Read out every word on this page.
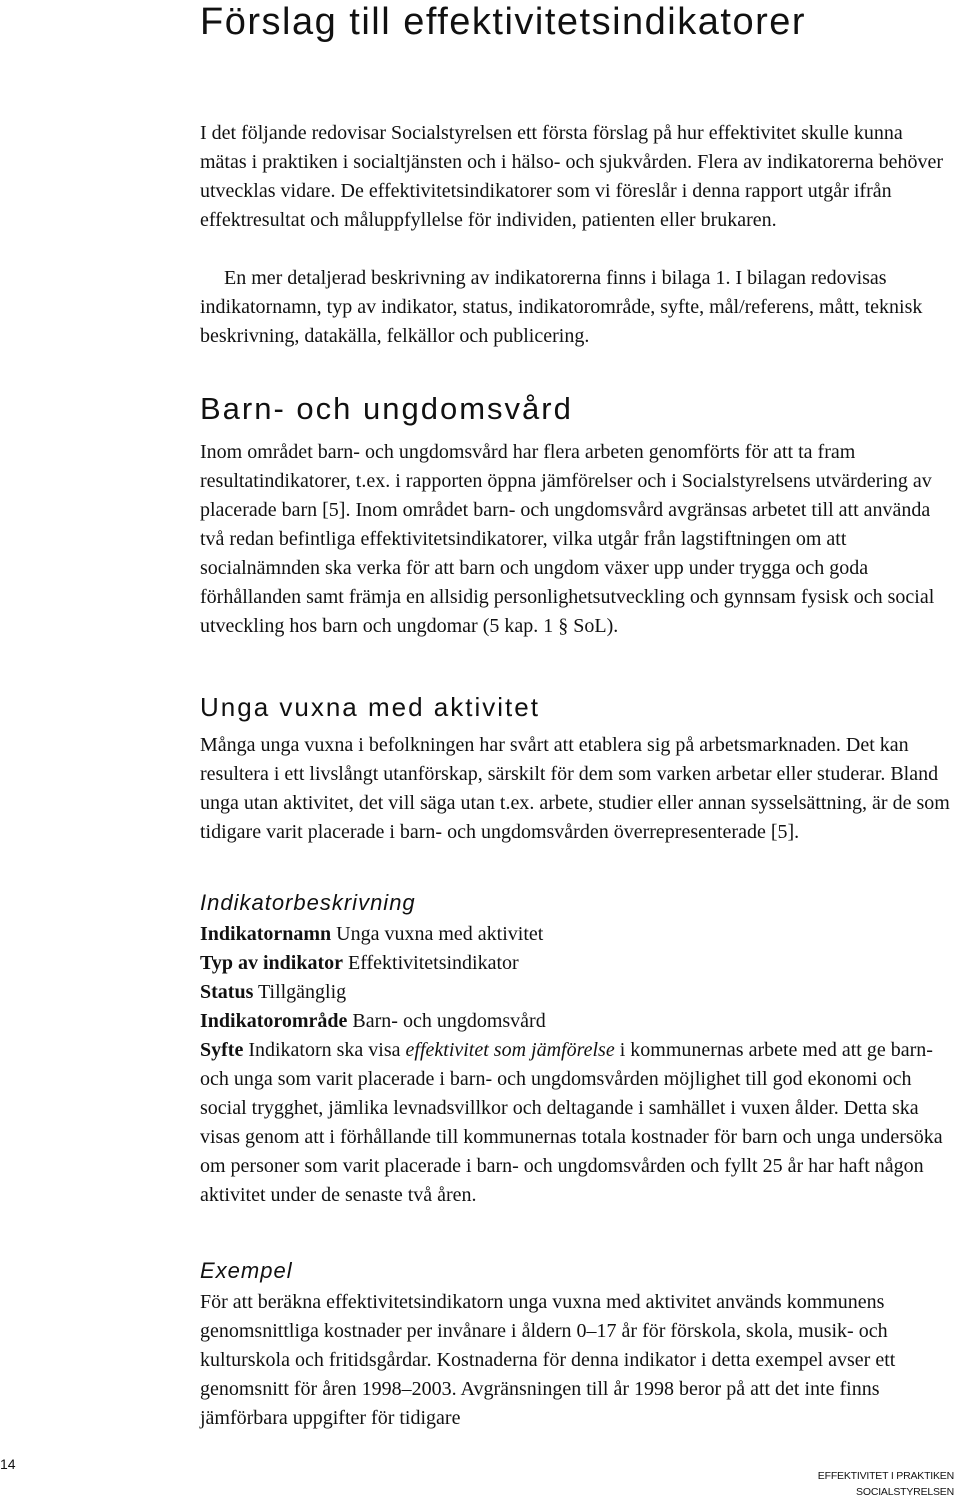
Förslag till effektivitetsindikatorer

I det följande redovisar Socialstyrelsen ett första förslag på hur effektivitet skulle kunna mätas i praktiken i socialtjänsten och i hälso- och sjukvården. Flera av indikatorerna behöver utvecklas vidare. De effektivitetsindikatorer som vi föreslår i denna rapport utgår ifrån effektresultat och måluppfyllelse för individen, patienten eller brukaren.

En mer detaljerad beskrivning av indikatorerna finns i bilaga 1. I bilagan redovisas indikatornamn, typ av indikator, status, indikatorområde, syfte, mål/referens, mått, teknisk beskrivning, datakälla, felkällor och publicering.

Barn- och ungdomsvård

Inom området barn- och ungdomsvård har flera arbeten genomförts för att ta fram resultatindikatorer, t.ex. i rapporten öppna jämförelser och i Socialstyrelsens utvärdering av placerade barn [5]. Inom området barn- och ungdomsvård avgränsas arbetet till att använda två redan befintliga effektivitetsindikatorer, vilka utgår från lagstiftningen om att socialnämnden ska verka för att barn och ungdom växer upp under trygga och goda förhållanden samt främja en allsidig personlighetsutveckling och gynnsam fysisk och social utveckling hos barn och ungdomar (5 kap. 1 § SoL).

Unga vuxna med aktivitet

Många unga vuxna i befolkningen har svårt att etablera sig på arbetsmarknaden. Det kan resultera i ett livslångt utanförskap, särskilt för dem som varken arbetar eller studerar. Bland unga utan aktivitet, det vill säga utan t.ex. arbete, studier eller annan sysselsättning, är de som tidigare varit placerade i barn- och ungdomsvården överrepresenterade [5].

Indikatorbeskrivning
Indikatornamn Unga vuxna med aktivitet
Typ av indikator Effektivitetsindikator
Status Tillgänglig
Indikatorområde Barn- och ungdomsvård
Syfte Indikatorn ska visa effektivitet som jämförelse i kommunernas arbete med att ge barn- och unga som varit placerade i barn- och ungdomsvården möjlighet till god ekonomi och social trygghet, jämlika levnadsvillkor och deltagande i samhället i vuxen ålder. Detta ska visas genom att i förhållande till kommunernas totala kostnader för barn och unga undersöka om personer som varit placerade i barn- och ungdomsvården och fyllt 25 år har haft någon aktivitet under de senaste två åren.
Exempel

För att beräkna effektivitetsindikatorn unga vuxna med aktivitet används kommunens genomsnittliga kostnader per invånare i åldern 0–17 år för förskola, skola, musik- och kulturskola och fritidsgårdar. Kostnaderna för denna indikator i detta exempel avser ett genomsnitt för åren 1998–2003. Avgränsningen till år 1998 beror på att det inte finns jämförbara uppgifter för tidigare

14
EFFEKTIVITET I PRAKTIKEN
SOCIALSTYRELSEN
